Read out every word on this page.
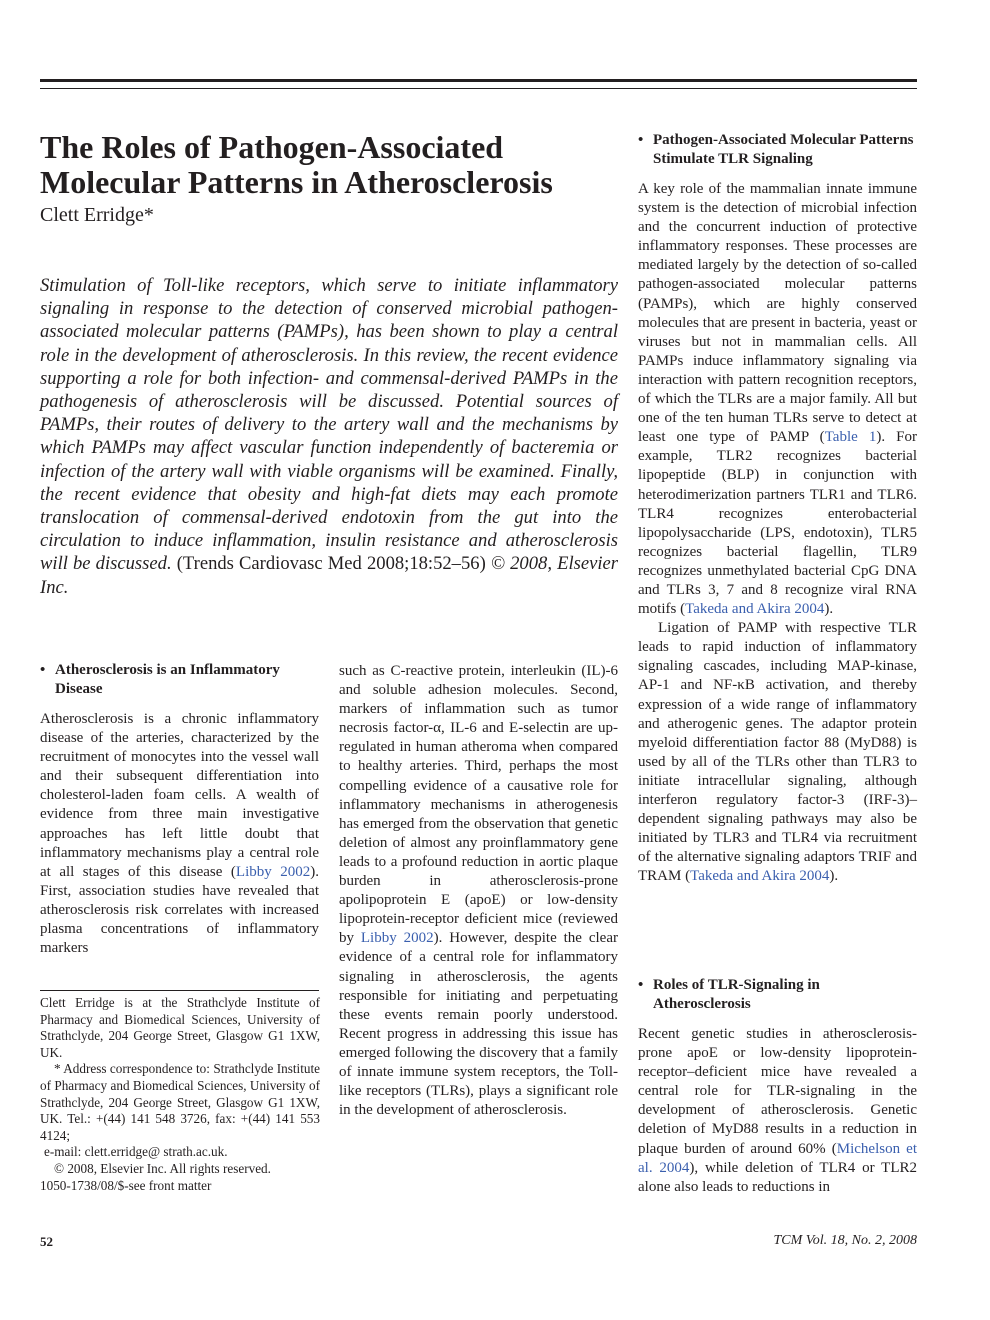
The Roles of Pathogen-Associated Molecular Patterns in Atherosclerosis
Clett Erridge*

Stimulation of Toll-like receptors, which serve to initiate inflammatory signaling in response to the detection of conserved microbial pathogen-associated molecular patterns (PAMPs), has been shown to play a central role in the development of atherosclerosis. In this review, the recent evidence supporting a role for both infection- and commensal-derived PAMPs in the pathogenesis of atherosclerosis will be discussed. Potential sources of PAMPs, their routes of delivery to the artery wall and the mechanisms by which PAMPs may affect vascular function independently of bacteremia or infection of the artery wall with viable organisms will be examined. Finally, the recent evidence that obesity and high-fat diets may each promote translocation of commensal-derived endotoxin from the gut into the circulation to induce inflammation, insulin resistance and atherosclerosis will be discussed. (Trends Cardiovasc Med 2008;18:52–56) © 2008, Elsevier Inc.

• Atherosclerosis is an Inflammatory Disease

Atherosclerosis is a chronic inflammatory disease of the arteries, characterized by the recruitment of monocytes into the vessel wall and their subsequent differentiation into cholesterol-laden foam cells. A wealth of evidence from three main investigative approaches has left little doubt that inflammatory mechanisms play a central role at all stages of this disease (Libby 2002). First, association studies have revealed that atherosclerosis risk correlates with increased plasma concentrations of inflammatory markers

Clett Erridge is at the Strathclyde Institute of Pharmacy and Biomedical Sciences, University of Strathclyde, 204 George Street, Glasgow G1 1XW, UK.

* Address correspondence to: Strathclyde Institute of Pharmacy and Biomedical Sciences, University of Strathclyde, 204 George Street, Glasgow G1 1XW, UK. Tel.: +(44) 141 548 3726, fax: +(44) 141 553 4124;

e-mail: clett.erridge@ strath.ac.uk.

© 2008, Elsevier Inc. All rights reserved.

1050-1738/08/$-see front matter

such as C-reactive protein, interleukin (IL)-6 and soluble adhesion molecules. Second, markers of inflammation such as tumor necrosis factor-α, IL-6 and E-selectin are up-regulated in human atheroma when compared to healthy arteries. Third, perhaps the most compelling evidence of a causative role for inflammatory mechanisms in atherogenesis has emerged from the observation that genetic deletion of almost any proinflammatory gene leads to a profound reduction in aortic plaque burden in atherosclerosis-prone apolipoprotein E (apoE) or low-density lipoprotein-receptor deficient mice (reviewed by Libby 2002). However, despite the clear evidence of a central role for inflammatory signaling in atherosclerosis, the agents responsible for initiating and perpetuating these events remain poorly understood. Recent progress in addressing this issue has emerged following the discovery that a family of innate immune system receptors, the Toll-like receptors (TLRs), plays a significant role in the development of atherosclerosis.

• Pathogen-Associated Molecular Patterns Stimulate TLR Signaling

A key role of the mammalian innate immune system is the detection of microbial infection and the concurrent induction of protective inflammatory responses. These processes are mediated largely by the detection of so-called pathogen-associated molecular patterns (PAMPs), which are highly conserved molecules that are present in bacteria, yeast or viruses but not in mammalian cells. All PAMPs induce inflammatory signaling via interaction with pattern recognition receptors, of which the TLRs are a major family. All but one of the ten human TLRs serve to detect at least one type of PAMP (Table 1). For example, TLR2 recognizes bacterial lipopeptide (BLP) in conjunction with heterodimerization partners TLR1 and TLR6. TLR4 recognizes enterobacterial lipopolysaccharide (LPS, endotoxin), TLR5 recognizes bacterial flagellin, TLR9 recognizes unmethylated bacterial CpG DNA and TLRs 3, 7 and 8 recognize viral RNA motifs (Takeda and Akira 2004).

Ligation of PAMP with respective TLR leads to rapid induction of inflammatory signaling cascades, including MAP-kinase, AP-1 and NF-κB activation, and thereby expression of a wide range of inflammatory and atherogenic genes. The adaptor protein myeloid differentiation factor 88 (MyD88) is used by all of the TLRs other than TLR3 to initiate intracellular signaling, although interferon regulatory factor-3 (IRF-3)–dependent signaling pathways may also be initiated by TLR3 and TLR4 via recruitment of the alternative signaling adaptors TRIF and TRAM (Takeda and Akira 2004).

• Roles of TLR-Signaling in Atherosclerosis

Recent genetic studies in atherosclerosis-prone apoE or low-density lipoprotein-receptor–deficient mice have revealed a central role for TLR-signaling in the development of atherosclerosis. Genetic deletion of MyD88 results in a reduction in plaque burden of around 60% (Michelson et al. 2004), while deletion of TLR4 or TLR2 alone also leads to reductions in

52	TCM Vol. 18, No. 2, 2008
